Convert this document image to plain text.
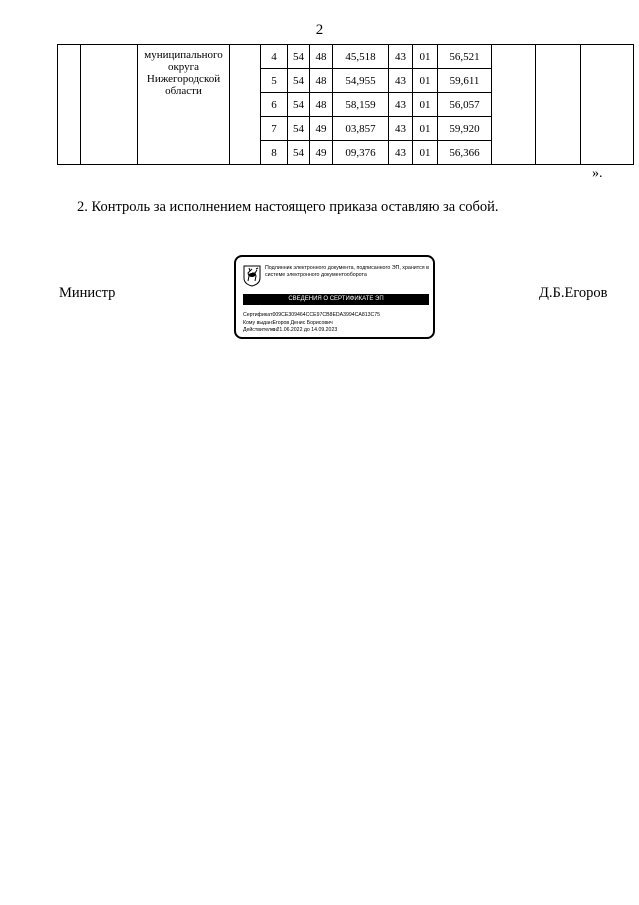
2
		муниципального округа Нижегородской области		4	54	48	45,518	43	01	56,521			
				5	54	48	54,955	43	01	59,611			
				6	54	48	58,159	43	01	56,057			
				7	54	49	03,857	43	01	59,920			
				8	54	49	09,376	43	01	56,366			
».
2. Контроль за исполнением настоящего приказа оставляю за собой.
Министр	Д.Б.Егоров
Подлинник электронного документа, подписанного ЭП, хранится в системе электронного документооборота
СВЕДЕНИЯ О СЕРТИФИКАТЕ ЭП
Сертификат: 009CE309464CCE97CB8EDA3994CA813C75
Кому выдан: Егоров Денис Борисович
Действителен: с 21.06.2022 до 14.09.2023
